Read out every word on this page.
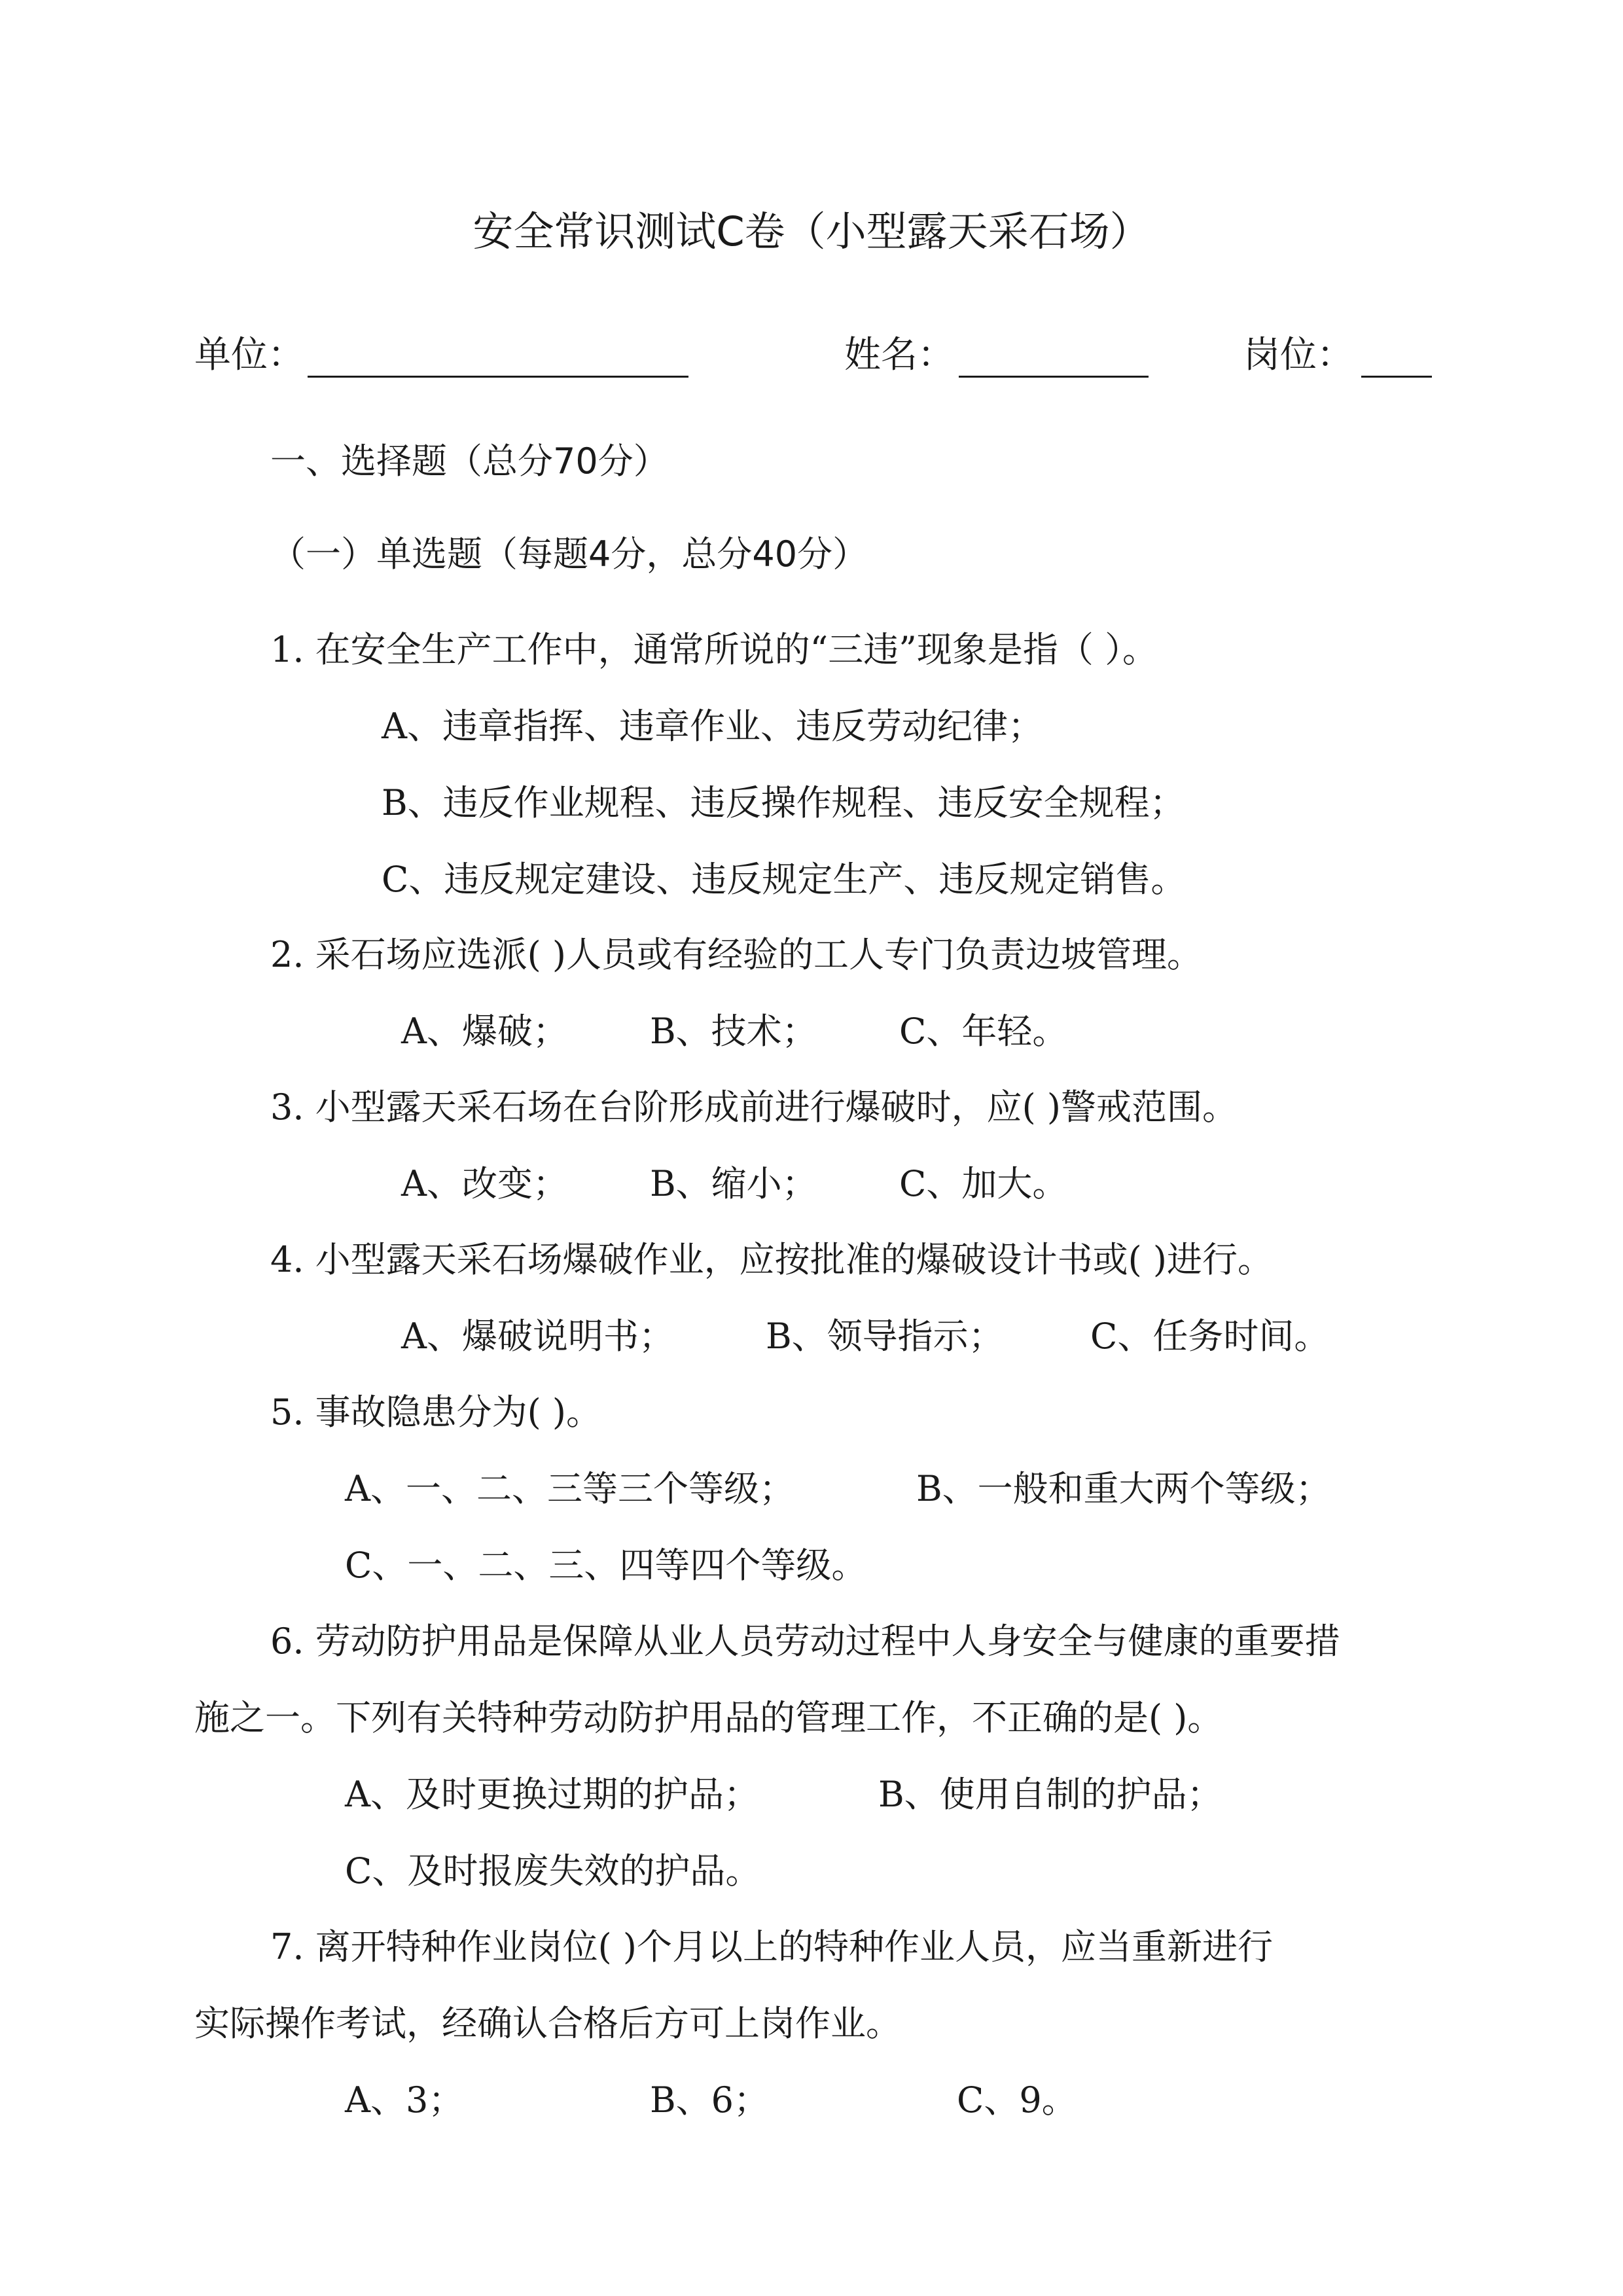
安全常识测试C卷（小型露天采石场）
单位：	姓名：	岗位：
一、选择题（总分70分）
（一）单选题（每题4分，总分40分）
1. 在安全生产工作中，通常所说的“三违”现象是指（ ）。
A、违章指挥、违章作业、违反劳动纪律；
B、违反作业规程、违反操作规程、违反安全规程；
C、违反规定建设、违反规定生产、违反规定销售。
2. 采石场应选派( )人员或有经验的工人专门负责边坡管理。
A、爆破； B、技术； C、年轻。
3. 小型露天采石场在台阶形成前进行爆破时，应( )警戒范围。
A、改变； B、缩小； C、加大。
4. 小型露天采石场爆破作业，应按批准的爆破设计书或( )进行。
A、爆破说明书；	B、领导指示； C、任务时间。
5. 事故隐患分为( )。
A、一、二、三等三个等级；	B、一般和重大两个等级；
C、一、二、三、四等四个等级。
6. 劳动防护用品是保障从业人员劳动过程中人身安全与健康的重要措
施之一。下列有关特种劳动防护用品的管理工作，不正确的是( )。
A、及时更换过期的护品；	B、使用自制的护品；
C、及时报废失效的护品。
7. 离开特种作业岗位( )个月以上的特种作业人员，应当重新进行
实际操作考试，经确认合格后方可上岗作业。
A、3；	B、6；	C、9。
